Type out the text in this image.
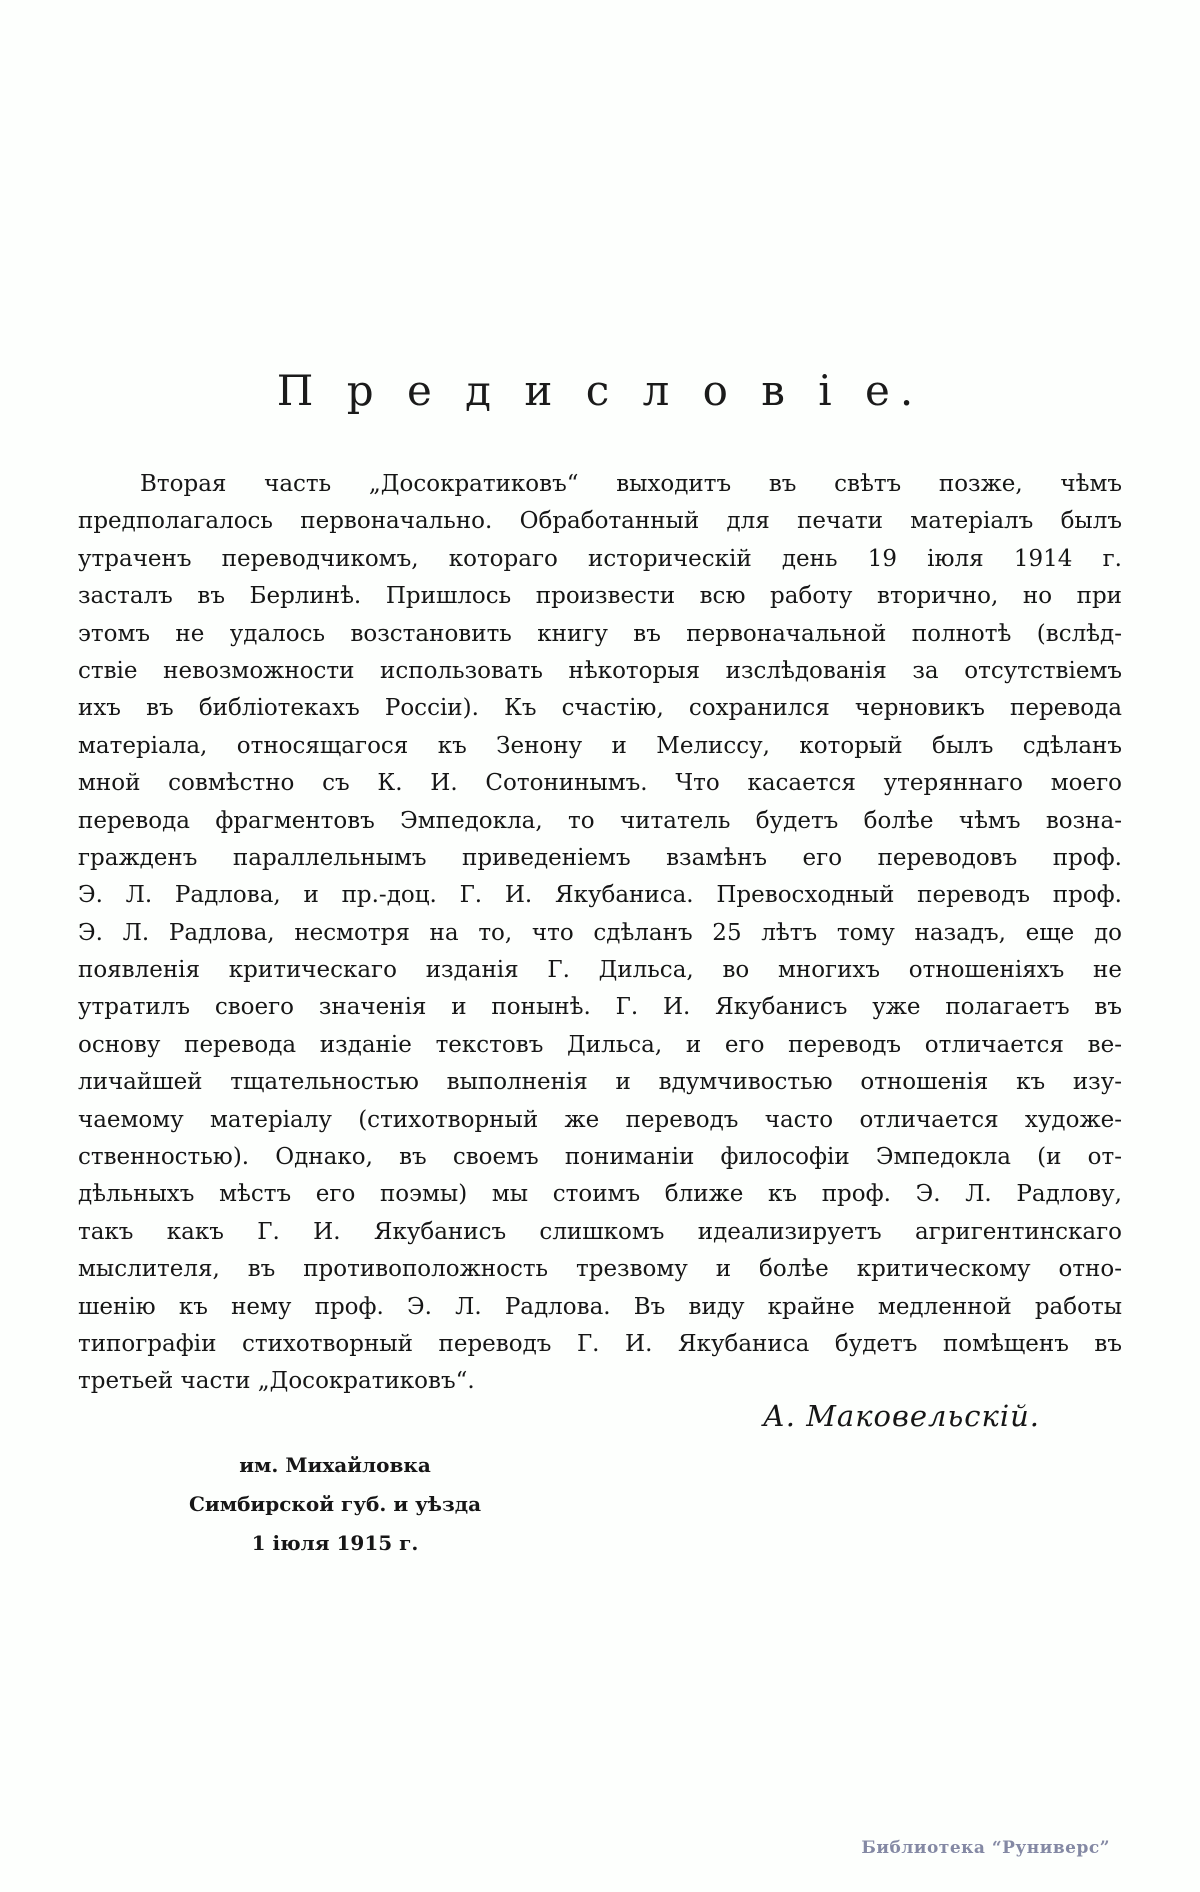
П р е д и с л о в і е.
Вторая часть „Досократиковъ“ выходитъ въ свѣтъ позже, чѣмъ
предполагалось первоначально. Обработанный для печати матеріалъ былъ
утраченъ переводчикомъ, котораго историческій день 19 іюля 1914 г.
засталъ въ Берлинѣ. Пришлось произвести всю работу вторично, но при
этомъ не удалось возстановить книгу въ первоначальной полнотѣ (вслѣд-
ствіе невозможности использовать нѣкоторыя изслѣдованія за отсутствіемъ
ихъ въ библіотекахъ Россіи). Къ счастію, сохранился черновикъ перевода
матеріала, относящагося къ Зенону и Мелиссу, который былъ сдѣланъ
мной совмѣстно съ К. И. Сотонинымъ. Что касается утеряннаго моего
перевода фрагментовъ Эмпедокла, то читатель будетъ болѣе чѣмъ возна-
гражденъ параллельнымъ приведеніемъ взамѣнъ его переводовъ проф.
Э. Л. Радлова, и пр.-доц. Г. И. Якубаниса. Превосходный переводъ проф.
Э. Л. Радлова, несмотря на то, что сдѣланъ 25 лѣтъ тому назадъ, еще до
появленія критическаго изданія Г. Дильса, во многихъ отношеніяхъ не
утратилъ своего значенія и понынѣ. Г. И. Якубанисъ уже полагаетъ въ
основу перевода изданіе текстовъ Дильса, и его переводъ отличается ве-
личайшей тщательностью выполненія и вдумчивостью отношенія къ изу-
чаемому матеріалу (стихотворный же переводъ часто отличается художе-
ственностью). Однако, въ своемъ пониманіи философіи Эмпедокла (и от-
дѣльныхъ мѣстъ его поэмы) мы стоимъ ближе къ проф. Э. Л. Радлову,
такъ какъ Г. И. Якубанисъ слишкомъ идеализируетъ агригентинскаго
мыслителя, въ противоположность трезвому и болѣе критическому отно-
шенію къ нему проф. Э. Л. Радлова. Въ виду крайне медленной работы
типографіи стихотворный переводъ Г. И. Якубаниса будетъ помѣщенъ въ
третьей части „Досократиковъ“.
А. Маковельскій.
им. Михайловка
Симбирской губ. и уѣзда
1 іюля 1915 г.
Библиотека “Руниверс”
